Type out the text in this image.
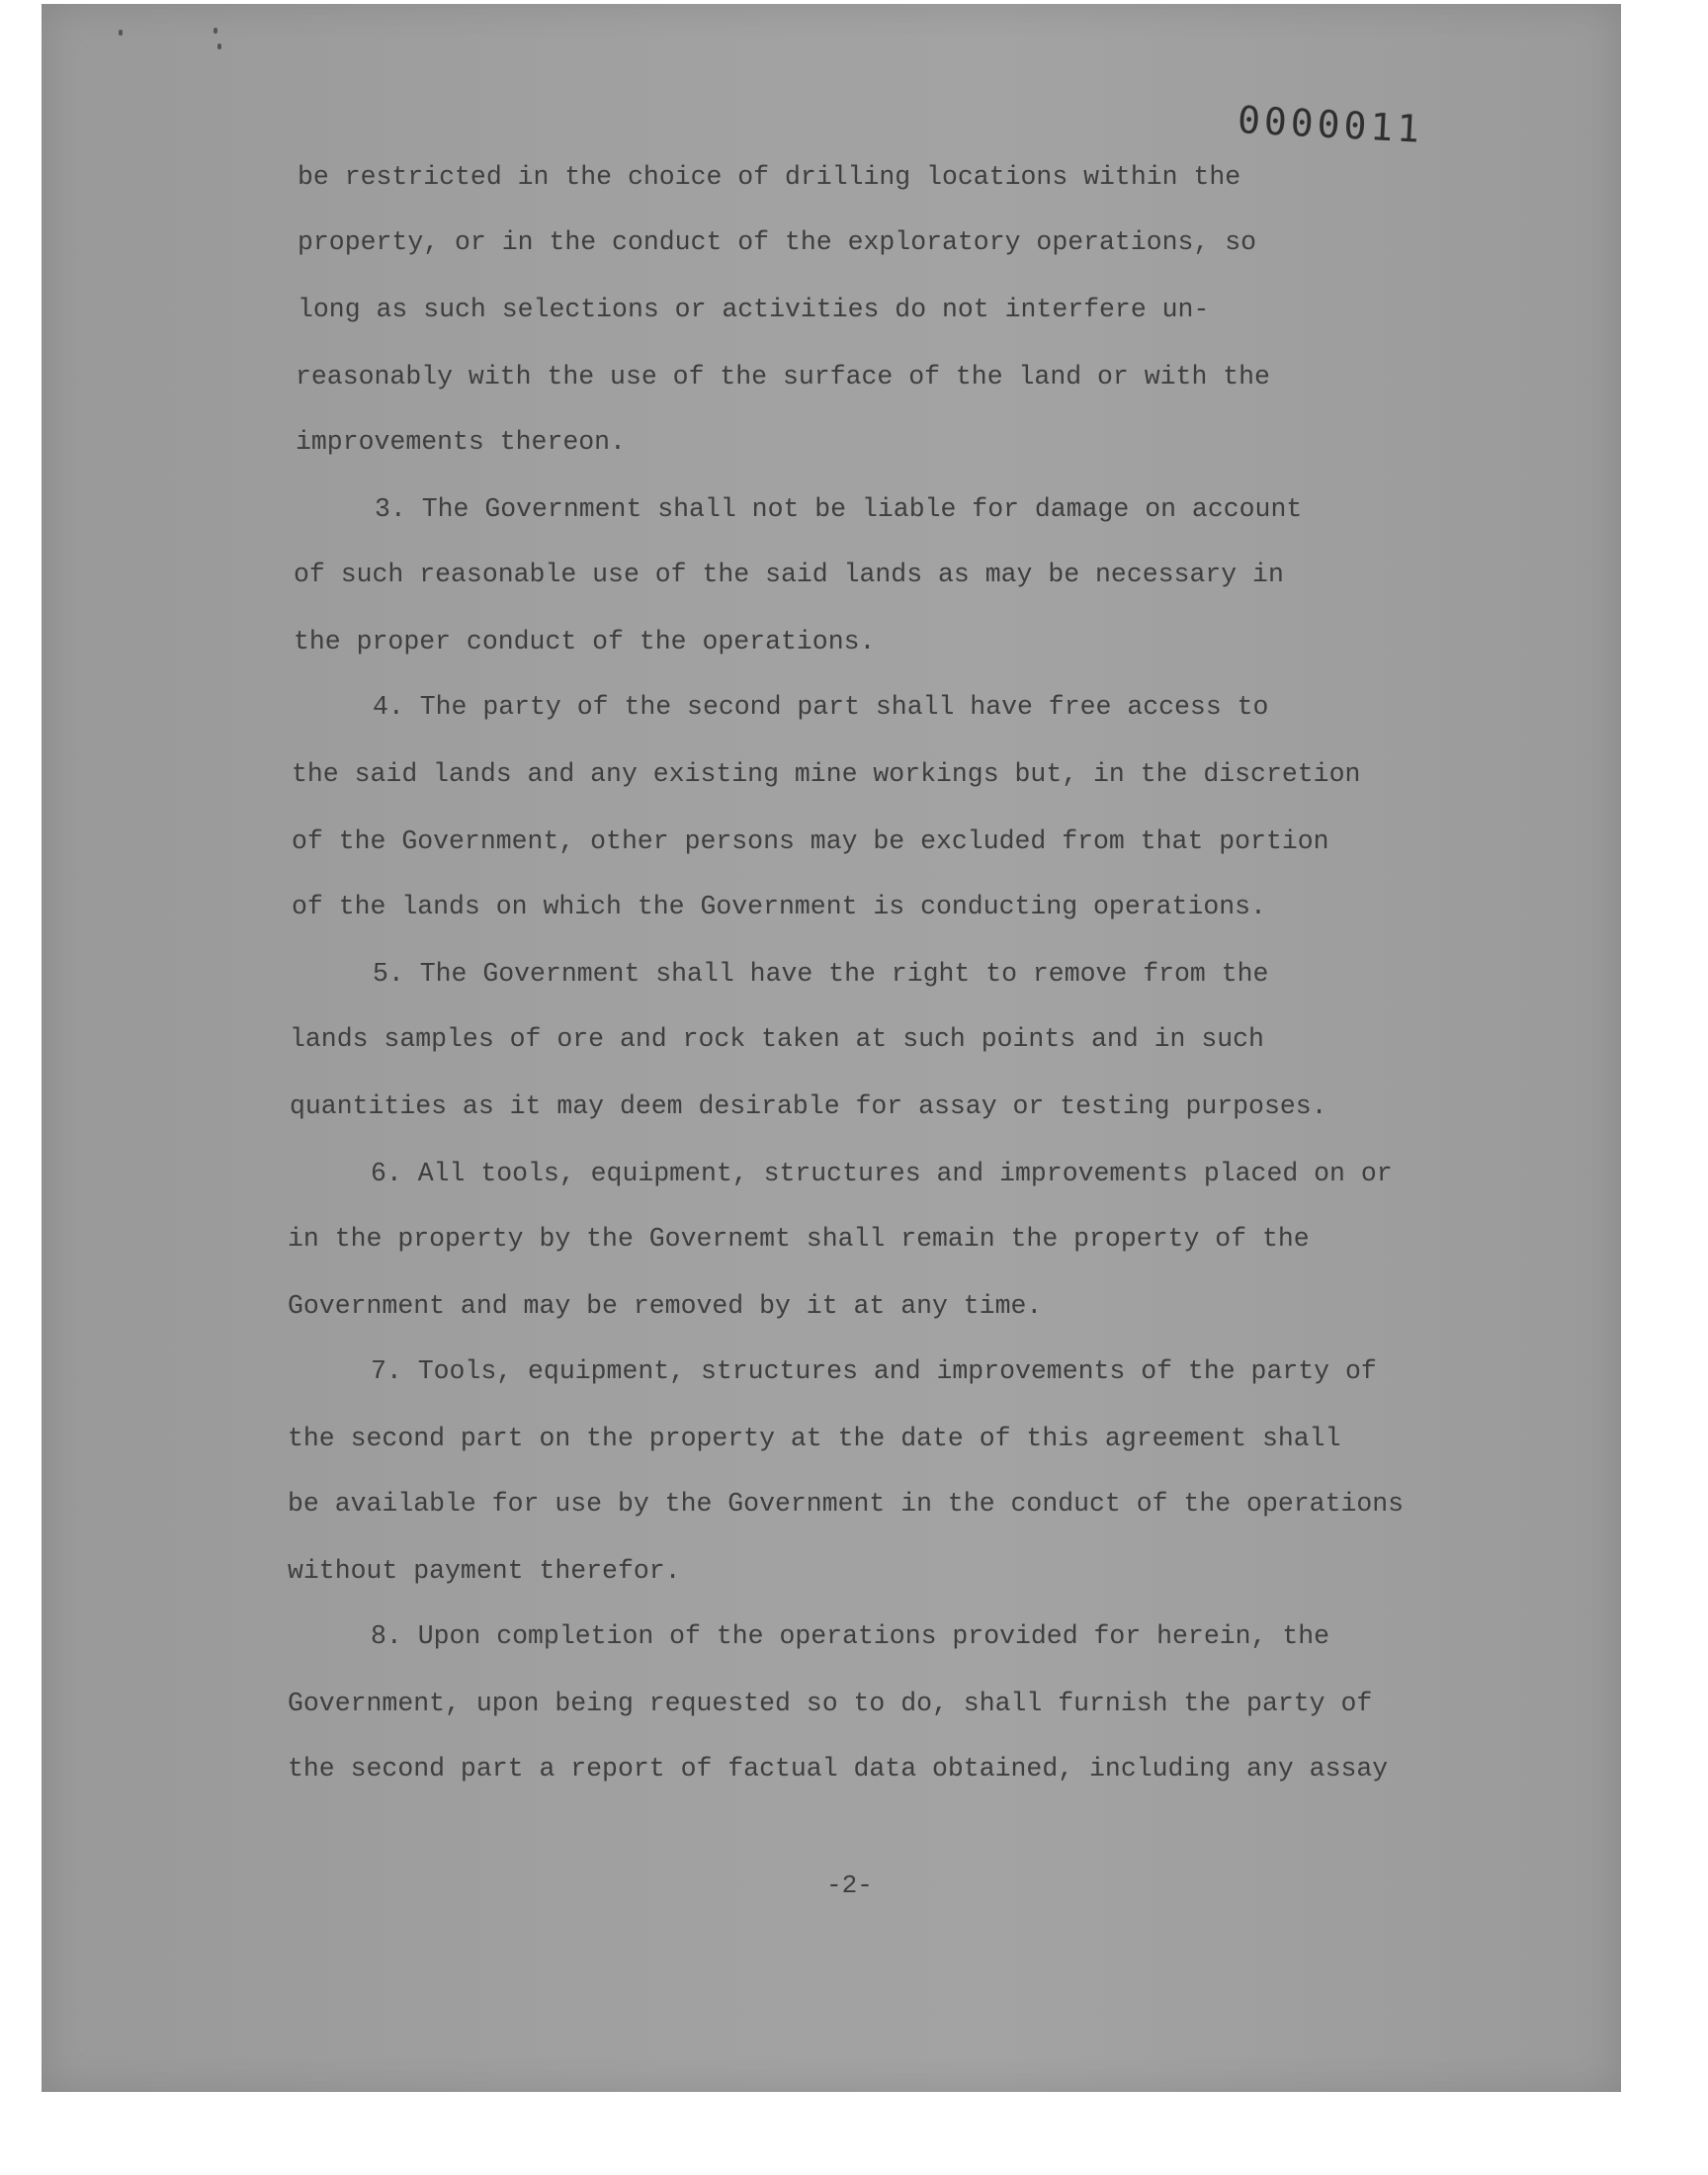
0000011
be restricted in the choice of drilling locations within the
property, or in the conduct of the exploratory operations, so
long as such selections or activities do not interfere un-
reasonably with the use of the surface of the land or with the
improvements thereon.
3. The Government shall not be liable for damage on account
of such reasonable use of the said lands as may be necessary in
the proper conduct of the operations.
4. The party of the second part shall have free access to
the said lands and any existing mine workings but, in the discretion
of the Government, other persons may be excluded from that portion
of the lands on which the Government is conducting operations.
5. The Government shall have the right to remove from the
lands samples of ore and rock taken at such points and in such
quantities as it may deem desirable for assay or testing purposes.
6. All tools, equipment, structures and improvements placed on or
in the property by the Governemt shall remain the property of the
Government and may be removed by it at any time.
7. Tools, equipment, structures and improvements of the party of
the second part on the property at the date of this agreement shall
be available for use by the Government in the conduct of the operations
without payment therefor.
8. Upon completion of the operations provided for herein, the
Government, upon being requested so to do, shall furnish the party of
the second part a report of factual data obtained, including any assay
-2-
